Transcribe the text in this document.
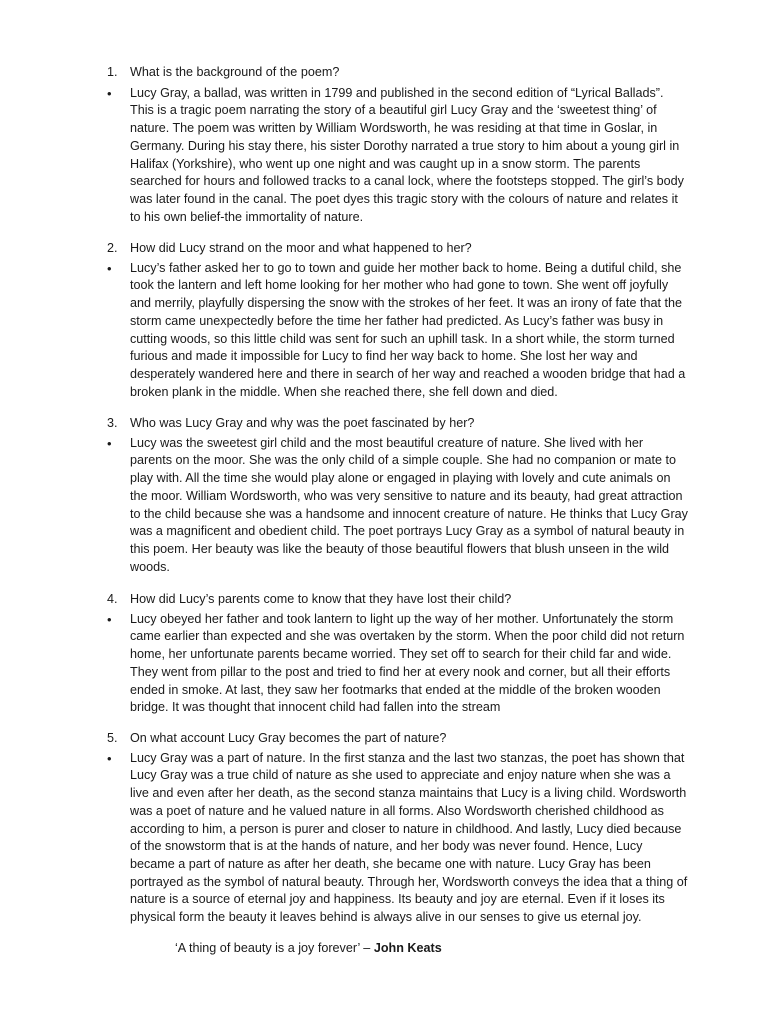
1. What is the background of the poem?
•	Lucy Gray, a ballad, was written in 1799 and published in the second edition of “Lyrical Ballads”. This is a tragic poem narrating the story of a beautiful girl Lucy Gray and the ‘sweetest thing’ of nature. The poem was written by William Wordsworth, he was residing at that time in Goslar, in Germany. During his stay there, his sister Dorothy narrated a true story to him about a young girl in Halifax (Yorkshire), who went up one night and was caught up in a snow storm. The parents searched for hours and followed tracks to a canal lock, where the footsteps stopped. The girl’s body was later found in the canal. The poet dyes this tragic story with the colours of nature and relates it to his own belief-the immortality of nature.
2. How did Lucy strand on the moor and what happened to her?
•	Lucy’s father asked her to go to town and guide her mother back to home. Being a dutiful child, she took the lantern and left home looking for her mother who had gone to town. She went off joyfully and merrily, playfully dispersing the snow with the strokes of her feet. It was an irony of fate that the storm came unexpectedly before the time her father had predicted. As Lucy’s father was busy in cutting woods, so this little child was sent for such an uphill task. In a short while, the storm turned furious and made it impossible for Lucy to find her way back to home. She lost her way and desperately wandered here and there in search of her way and reached a wooden bridge that had a broken plank in the middle. When she reached there, she fell down and died.
3. Who was Lucy Gray and why was the poet fascinated by her?
•	Lucy was the sweetest girl child and the most beautiful creature of nature. She lived with her parents on the moor. She was the only child of a simple couple. She had no companion or mate to play with. All the time she would play alone or engaged in playing with lovely and cute animals on the moor. William Wordsworth, who was very sensitive to nature and its beauty, had great attraction to the child because she was a handsome and innocent creature of nature. He thinks that Lucy Gray was a magnificent and obedient child. The poet portrays Lucy Gray as a symbol of natural beauty in this poem. Her beauty was like the beauty of those beautiful flowers that blush unseen in the wild woods.
4. How did Lucy’s parents come to know that they have lost their child?
•	Lucy obeyed her father and took lantern to light up the way of her mother. Unfortunately the storm came earlier than expected and she was overtaken by the storm. When the poor child did not return home, her unfortunate parents became worried. They set off to search for their child far and wide. They went from pillar to the post and tried to find her at every nook and corner, but all their efforts ended in smoke. At last, they saw her footmarks that ended at the middle of the broken wooden bridge. It was thought that innocent child had fallen into the stream
5. On what account Lucy Gray becomes the part of nature?
•	Lucy Gray was a part of nature. In the first stanza and the last two stanzas, the poet has shown that Lucy Gray was a true child of nature as she used to appreciate and enjoy nature when she was a live and even after her death, as the second stanza maintains that Lucy is a living child. Wordsworth was a poet of nature and he valued nature in all forms. Also Wordsworth cherished childhood as according to him, a person is purer and closer to nature in childhood. And lastly, Lucy died because of the snowstorm that is at the hands of nature, and her body was never found. Hence, Lucy became a part of nature as after her death, she became one with nature. Lucy Gray has been portrayed as the symbol of natural beauty. Through her, Wordsworth conveys the idea that a thing of nature is a source of eternal joy and happiness. Its beauty and joy are eternal. Even if it loses its physical form the beauty it leaves behind is always alive in our senses to give us eternal joy.
‘A thing of beauty is a joy forever’ – John Keats
